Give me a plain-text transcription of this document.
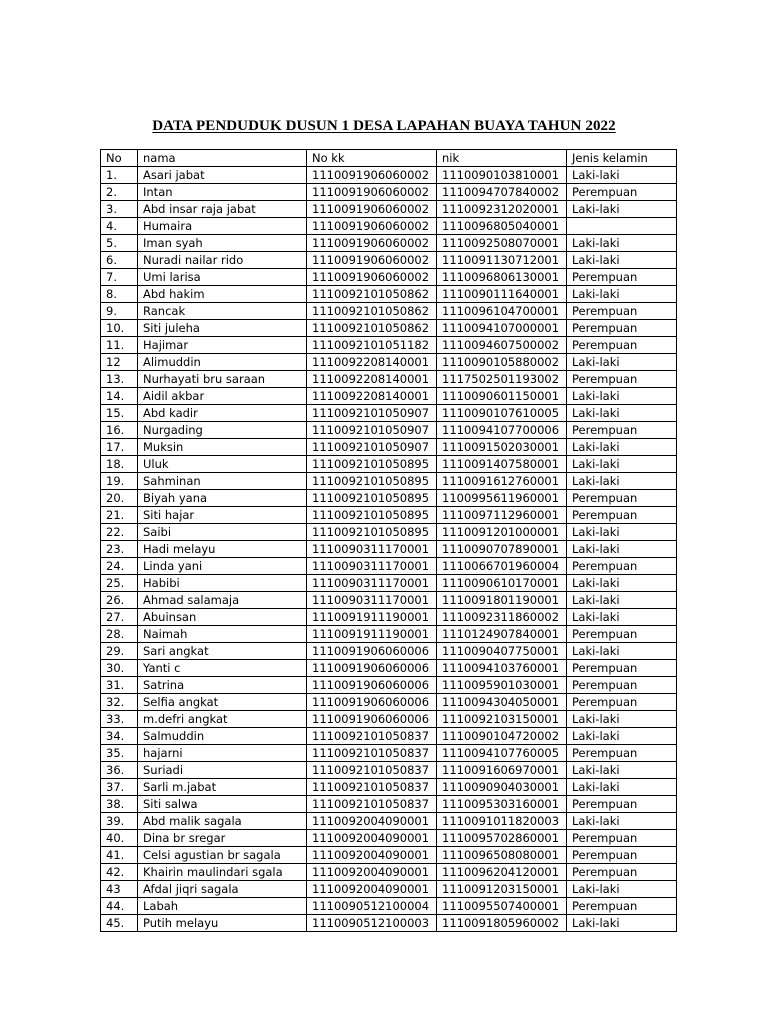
DATA PENDUDUK DUSUN 1 DESA LAPAHAN BUAYA TAHUN 2022
No	nama	No kk	nik	Jenis kelamin
1.	Asari jabat	1110091906060002	1110090103810001	Laki-laki
2.	Intan	1110091906060002	1110094707840002	Perempuan
3.	Abd insar raja jabat	1110091906060002	1110092312020001	Laki-laki
4.	Humaira	1110091906060002	1110096805040001	
5.	Iman syah	1110091906060002	1110092508070001	Laki-laki
6.	Nuradi nailar rido	1110091906060002	1110091130712001	Laki-laki
7.	Umi larisa	1110091906060002	1110096806130001	Perempuan
8.	Abd hakim	1110092101050862	1110090111640001	Laki-laki
9.	Rancak	1110092101050862	1110096104700001	Perempuan
10.	Siti juleha	1110092101050862	1110094107000001	Perempuan
11.	Hajimar	1110092101051182	1110094607500002	Perempuan
12	Alimuddin	1110092208140001	1110090105880002	Laki-laki
13.	Nurhayati bru saraan	1110092208140001	1117502501193002	Perempuan
14.	Aidil akbar	1110092208140001	1110090601150001	Laki-laki
15.	Abd kadir	1110092101050907	1110090107610005	Laki-laki
16.	Nurgading	1110092101050907	1110094107700006	Perempuan
17.	Muksin	1110092101050907	1110091502030001	Laki-laki
18.	Uluk	1110092101050895	1110091407580001	Laki-laki
19.	Sahminan	1110092101050895	1110091612760001	Laki-laki
20.	Biyah yana	1110092101050895	1100995611960001	Perempuan
21.	Siti hajar	1110092101050895	1110097112960001	Perempuan
22.	Saibi	1110092101050895	1110091201000001	Laki-laki
23.	Hadi melayu	1110090311170001	1110090707890001	Laki-laki
24.	Linda yani	1110090311170001	1110066701960004	Perempuan
25.	Habibi	1110090311170001	1110090610170001	Laki-laki
26.	Ahmad salamaja	1110090311170001	1110091801190001	Laki-laki
27.	Abuinsan	1110091911190001	1110092311860002	Laki-laki
28.	Naimah	1110091911190001	1110124907840001	Perempuan
29.	Sari angkat	1110091906060006	1110090407750001	Laki-laki
30.	Yanti c	1110091906060006	1110094103760001	Perempuan
31.	Satrina	1110091906060006	1110095901030001	Perempuan
32.	Selfia angkat	1110091906060006	1110094304050001	Perempuan
33.	m.defri angkat	1110091906060006	1110092103150001	Laki-laki
34.	Salmuddin	1110092101050837	1110090104720002	Laki-laki
35.	hajarni	1110092101050837	1110094107760005	Perempuan
36.	Suriadi	1110092101050837	1110091606970001	Laki-laki
37.	Sarli m.jabat	1110092101050837	1110090904030001	Laki-laki
38.	Siti salwa	1110092101050837	1110095303160001	Perempuan
39.	Abd malik sagala	1110092004090001	1110091011820003	Laki-laki
40.	Dina br sregar	1110092004090001	1110095702860001	Perempuan
41.	Celsi agustian br sagala	1110092004090001	1110096508080001	Perempuan
42.	Khairin maulindari sgala	1110092004090001	1110096204120001	Perempuan
43	Afdal jiqri sagala	1110092004090001	1110091203150001	Laki-laki
44.	Labah	1110090512100004	1110095507400001	Perempuan
45.	Putih melayu	1110090512100003	1110091805960002	Laki-laki
